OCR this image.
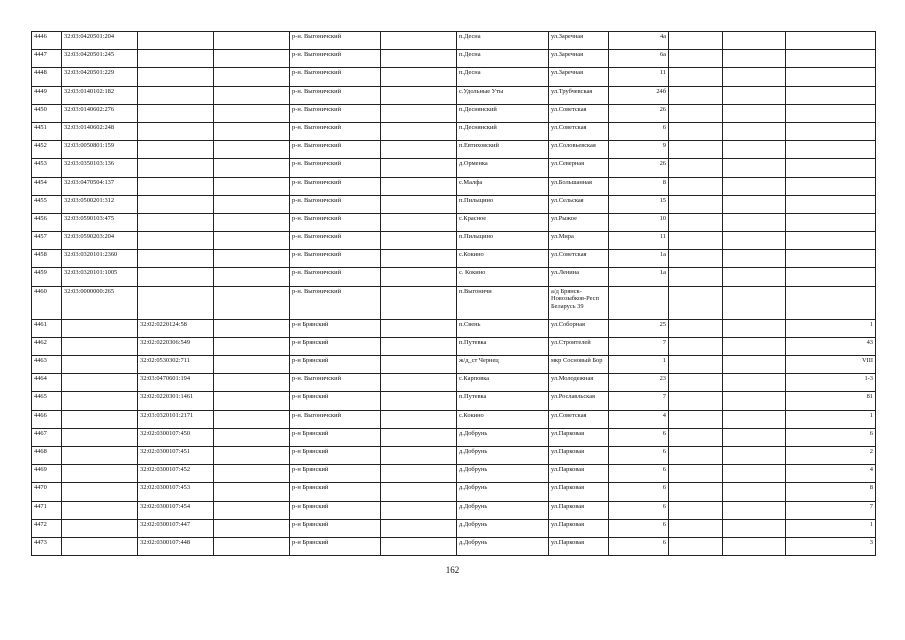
4446	32:03:0420501:204			р-н. Выгоничский		п.Десна	ул.Заречная	4а			
4447	32:03:0420501:245			р-н. Выгоничский		п.Десна	ул.Заречная	6а			
4448	32:03:0420501:229			р-н. Выгоничский		п.Десна	ул.Заречная	11			
4449	32:03:0140102:182			р-н. Выгоничский		с.Удольные Уты	ул.Трубчевская	24б			
4450	32:03:0140602:276			р-н. Выгоничский		п.Деснянский	ул.Советская	26			
4451	32:03:0140602:248			р-н. Выгоничский		п.Деснянский	ул.Советская	6			
4452	32:03:0050801:159			р-н. Выгоничский		п.Евтиховский	ул.Соловьевская	9			
4453	32:03:0350103:136			р-н. Выгоничский		д.Орменка	ул.Северная	26			
4454	32:03:0470504:137			р-н. Выгоничский		с.Малфа	ул.Большанная	8			
4455	32:03:0500201:312			р-н. Выгоничский		п.Пильщино	ул.Сельская	15			
4456	32:03:0590103:475			р-н. Выгоничский		с.Красное	ул.Рыжое	10			
4457	32:03:0590203:204			р-н. Выгоничский		п.Пильщино	ул.Мира	11			
4458	32:03:0320101:2360			р-н. Выгоничский		с.Кокино	ул.Советская	1а			
4459	32:03:0320101:1005			р-н. Выгоничский		с. Кокино	ул.Ленина	1а			
4460	32:03:0000000:265			р-н. Выгоничский		п.Выгоничи	а/д Брянск-Новозыбков-Респ Беларусь 39				
4461		32:02:0220124:58		р-н Брянский		п.Свень	ул.Соборная	25			1
4462		32:02:0220306:549		р-н Брянский		п.Путевка	ул.Строителей	7			43
4463		32:02:0530302:711		р-н Брянский		ж/д_ст Чернец	мкр Сосновый Бор	1			VIII
4464		32:03:0470601:194		р-н. Выгоничский		с.Карповка	ул.Молодежная	23			1-3
4465		32:02:0220301:1461		р-н Брянский		п.Путевка	ул.Рославльская	7			81
4466		32:03:0320101:2171		р-н. Выгоничский		с.Кокино	ул.Советская	4			1
4467		32:02:0300107:450		р-н Брянский		д.Добрунь	ул.Парковая	6			6
4468		32:02:0300107:451		р-н Брянский		д.Добрунь	ул.Парковая	6			2
4469		32:02:0300107:452		р-н Брянский		д.Добрунь	ул.Парковая	6			4
4470		32:02:0300107:453		р-н Брянский		д.Добрунь	ул.Парковая	6			8
4471		32:02:0300107:454		р-н Брянский		д.Добрунь	ул.Парковая	6			7
4472		32:02:0300107:447		р-н Брянский		д.Добрунь	ул.Парковая	6			1
4473		32:02:0300107:448		р-н Брянский		д.Добрунь	ул.Парковая	6			3
162
